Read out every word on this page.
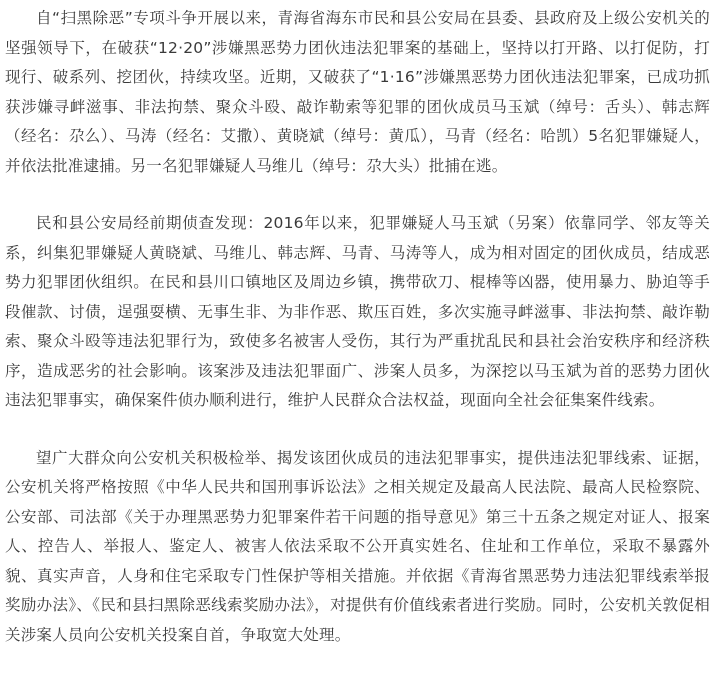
自“扫黑除恶”专项斗争开展以来，青海省海东市民和县公安局在县委、县政府及上级公安机关的坚强领导下，在破获“12·20”涉嫌黑恶势力团伙违法犯罪案的基础上，坚持以打开路、以打促防，打现行、破系列、挖团伙，持续攻坚。近期，又破获了“1·16”涉嫌黑恶势力团伙违法犯罪案，已成功抓获涉嫌寻衅滋事、非法拘禁、聚众斗殴、敲诈勒索等犯罪的团伙成员马玉斌（绰号：舌头）、韩志辉（经名：尕么）、马涛（经名：艾撒）、黄晓斌（绰号：黄瓜），马青（经名：哈凯）5名犯罪嫌疑人，并依法批准逮捕。另一名犯罪嫌疑人马维儿（绰号：尕大头）批捕在逃。

民和县公安局经前期侦查发现：2016年以来，犯罪嫌疑人马玉斌（另案）依靠同学、邻友等关系，纠集犯罪嫌疑人黄晓斌、马维儿、韩志辉、马青、马涛等人，成为相对固定的团伙成员，结成恶势力犯罪团伙组织。在民和县川口镇地区及周边乡镇，携带砍刀、棍棒等凶器，使用暴力、胁迫等手段催款、讨债，逞强耍横、无事生非、为非作恶、欺压百姓，多次实施寻衅滋事、非法拘禁、敲诈勒索、聚众斗殴等违法犯罪行为，致使多名被害人受伤，其行为严重扰乱民和县社会治安秩序和经济秩序，造成恶劣的社会影响。该案涉及违法犯罪面广、涉案人员多，为深挖以马玉斌为首的恶势力团伙违法犯罪事实，确保案件侦办顺利进行，维护人民群众合法权益，现面向全社会征集案件线索。

望广大群众向公安机关积极检举、揭发该团伙成员的违法犯罪事实，提供违法犯罪线索、证据，公安机关将严格按照《中华人民共和国刑事诉讼法》之相关规定及最高人民法院、最高人民检察院、公安部、司法部《关于办理黑恶势力犯罪案件若干问题的指导意见》第三十五条之规定对证人、报案人、控告人、举报人、鉴定人、被害人依法采取不公开真实姓名、住址和工作单位，采取不暴露外貌、真实声音，人身和住宅采取专门性保护等相关措施。并依据《青海省黑恶势力违法犯罪线索举报奖励办法》、《民和县扫黑除恶线索奖励办法》，对提供有价值线索者进行奖励。同时，公安机关敦促相关涉案人员向公安机关投案自首，争取宽大处理。
